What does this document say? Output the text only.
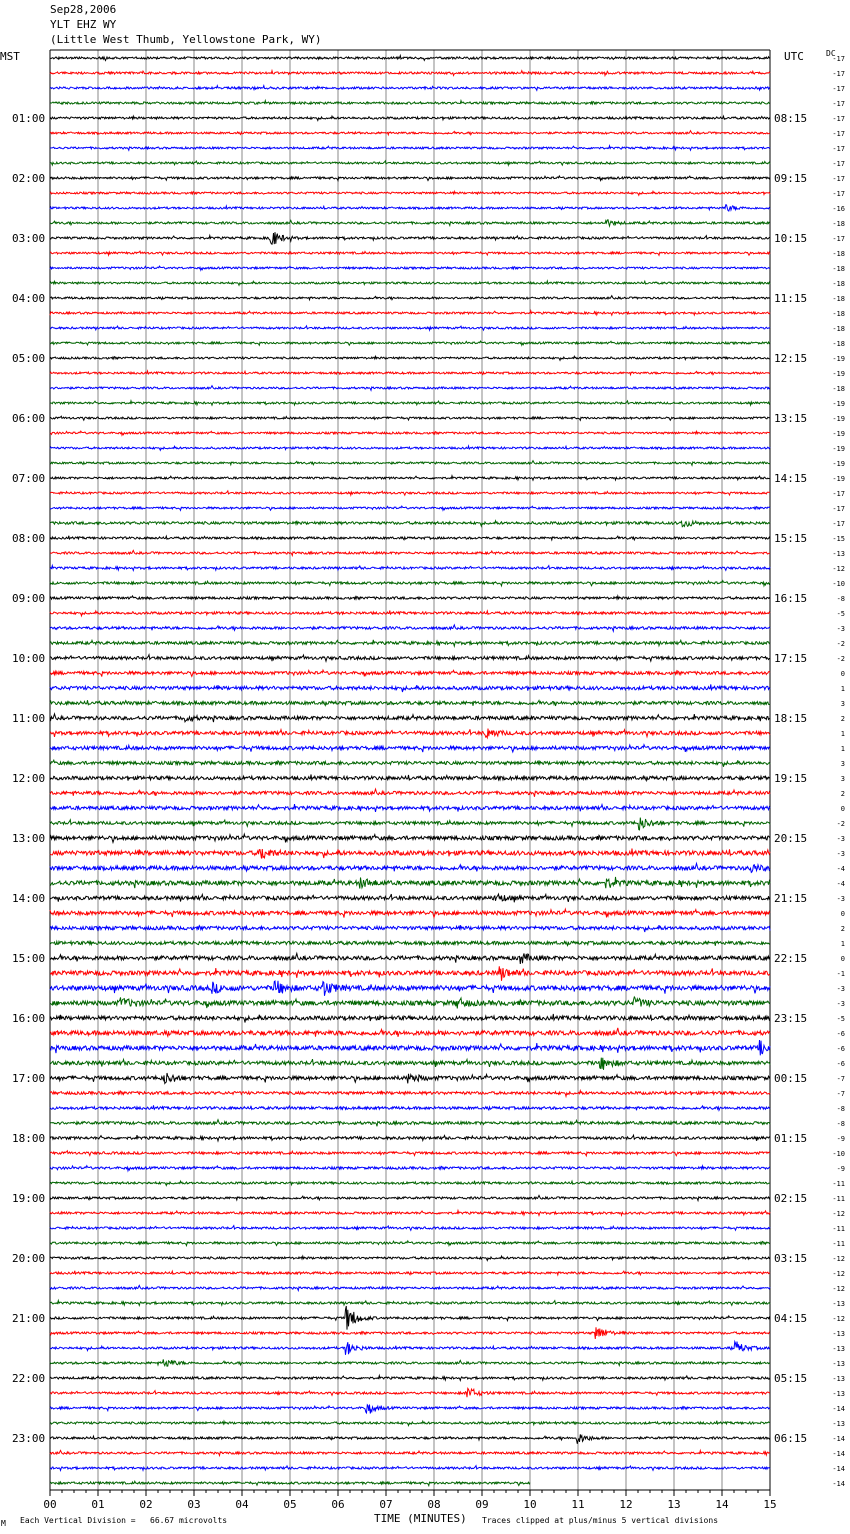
Sep28,2006
YLT EHZ WY
(Little West Thumb, Yellowstone Park, WY)
MST	UTC	DC
01:00
02:00
03:00
04:00
05:00
06:00
07:00
08:00
09:00
10:00
11:00
12:00
13:00
14:00
15:00
16:00
17:00
18:00
19:00
20:00
21:00
22:00
23:00
08:15
09:15
10:15
11:15
12:15
13:15
14:15
15:15
16:15
17:15
18:15
19:15
20:15
21:15
22:15
23:15
00:15
01:15
02:15
03:15
04:15
05:15
06:15
-17
-17
-17
-17
-17
-17
-17
-17
-17
-17
-16
-18
-17
-18
-18
-18
-18
-18
-18
-18
-19
-19
-18
-19
-19
-19
-19
-19
-19
-17
-17
-17
-15
-13
-12
-10
-8
-5
-3
-2
-2
0
1
3
2
1
1
3
3
2
0
-2
-3
-3
-4
-4
-3
0
2
1
0
-1
-3
-3
-5
-6
-6
-6
-7
-7
-8
-8
-9
-10
-9
-11
-11
-12
-11
-11
-12
-12
-12
-13
-12
-13
-13
-13
-13
-13
-14
-13
-14
-14
-14
-14
00	01	02	03	04	05	06	07	08	09	10	11	12	13	14	15
M Each Vertical Division =   66.67 microvolts	TIME (MINUTES) Traces clipped at plus/minus 5 vertical divisions
